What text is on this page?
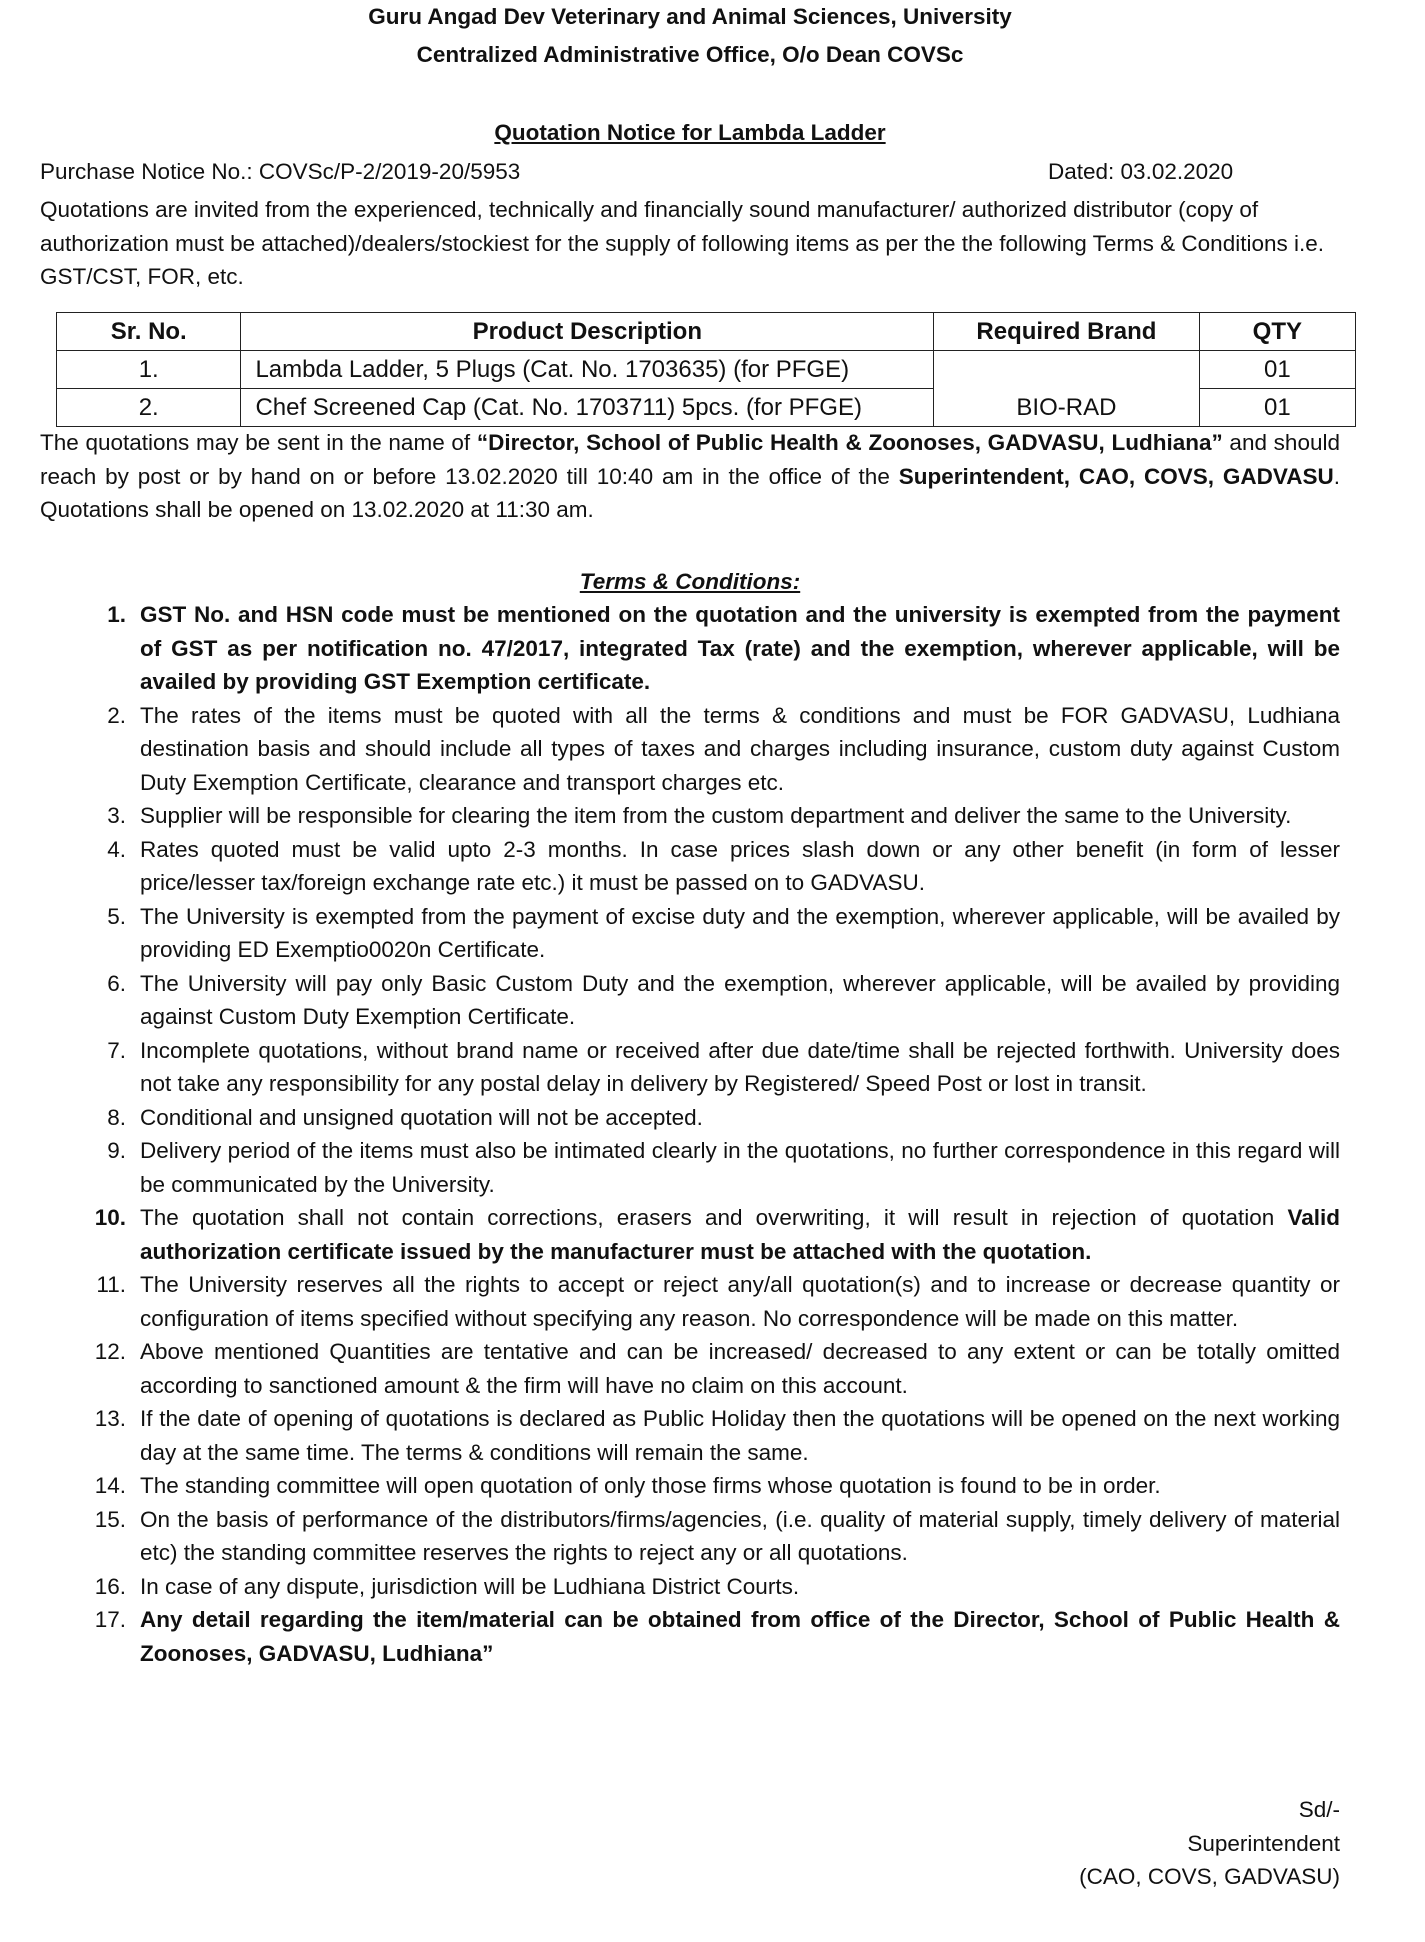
Guru Angad Dev Veterinary and Animal Sciences, University
Centralized Administrative Office, O/o Dean COVSc
Quotation Notice for Lambda Ladder
Purchase Notice No.: COVSc/P-2/2019-20/5953	Dated: 03.02.2020
Quotations are invited from the experienced, technically and financially sound manufacturer/ authorized distributor (copy of authorization must be attached)/dealers/stockiest for the supply of following items as per the the following Terms & Conditions i.e. GST/CST, FOR, etc.
Sr. No.	Product Description	Required Brand	QTY
1.	Lambda Ladder, 5 Plugs (Cat. No. 1703635) (for PFGE)	BIO-RAD	01
2.	Chef Screened Cap (Cat. No. 1703711) 5pcs. (for PFGE)		01
The quotations may be sent in the name of “Director, School of Public Health & Zoonoses, GADVASU, Ludhiana” and should reach by post or by hand on or before 13.02.2020 till 10:40 am in the office of the Superintendent, CAO, COVS, GADVASU. Quotations shall be opened on 13.02.2020 at 11:30 am.
Terms & Conditions:
1. GST No. and HSN code must be mentioned on the quotation and the university is exempted from the payment of GST as per notification no. 47/2017, integrated Tax (rate) and the exemption, wherever applicable, will be availed by providing GST Exemption certificate.
2. The rates of the items must be quoted with all the terms & conditions and must be FOR GADVASU, Ludhiana destination basis and should include all types of taxes and charges including insurance, custom duty against Custom Duty Exemption Certificate, clearance and transport charges etc.
3. Supplier will be responsible for clearing the item from the custom department and deliver the same to the University.
4. Rates quoted must be valid upto 2-3 months. In case prices slash down or any other benefit (in form of lesser price/lesser tax/foreign exchange rate etc.) it must be passed on to GADVASU.
5. The University is exempted from the payment of excise duty and the exemption, wherever applicable, will be availed by providing ED Exemptio0020n Certificate.
6. The University will pay only Basic Custom Duty and the exemption, wherever applicable, will be availed by providing against Custom Duty Exemption Certificate.
7. Incomplete quotations, without brand name or received after due date/time shall be rejected forthwith. University does not take any responsibility for any postal delay in delivery by Registered/ Speed Post or lost in transit.
8. Conditional and unsigned quotation will not be accepted.
9. Delivery period of the items must also be intimated clearly in the quotations, no further correspondence in this regard will be communicated by the University.
10. The quotation shall not contain corrections, erasers and overwriting, it will result in rejection of quotation Valid authorization certificate issued by the manufacturer must be attached with the quotation.
11. The University reserves all the rights to accept or reject any/all quotation(s) and to increase or decrease quantity or configuration of items specified without specifying any reason. No correspondence will be made on this matter.
12. Above mentioned Quantities are tentative and can be increased/ decreased to any extent or can be totally omitted according to sanctioned amount & the firm will have no claim on this account.
13. If the date of opening of quotations is declared as Public Holiday then the quotations will be opened on the next working day at the same time. The terms & conditions will remain the same.
14. The standing committee will open quotation of only those firms whose quotation is found to be in order.
15. On the basis of performance of the distributors/firms/agencies, (i.e. quality of material supply, timely delivery of material etc) the standing committee reserves the rights to reject any or all quotations.
16. In case of any dispute, jurisdiction will be Ludhiana District Courts.
17. Any detail regarding the item/material can be obtained from office of the Director, School of Public Health & Zoonoses, GADVASU, Ludhiana”
Sd/-
Superintendent
(CAO, COVS, GADVASU)
